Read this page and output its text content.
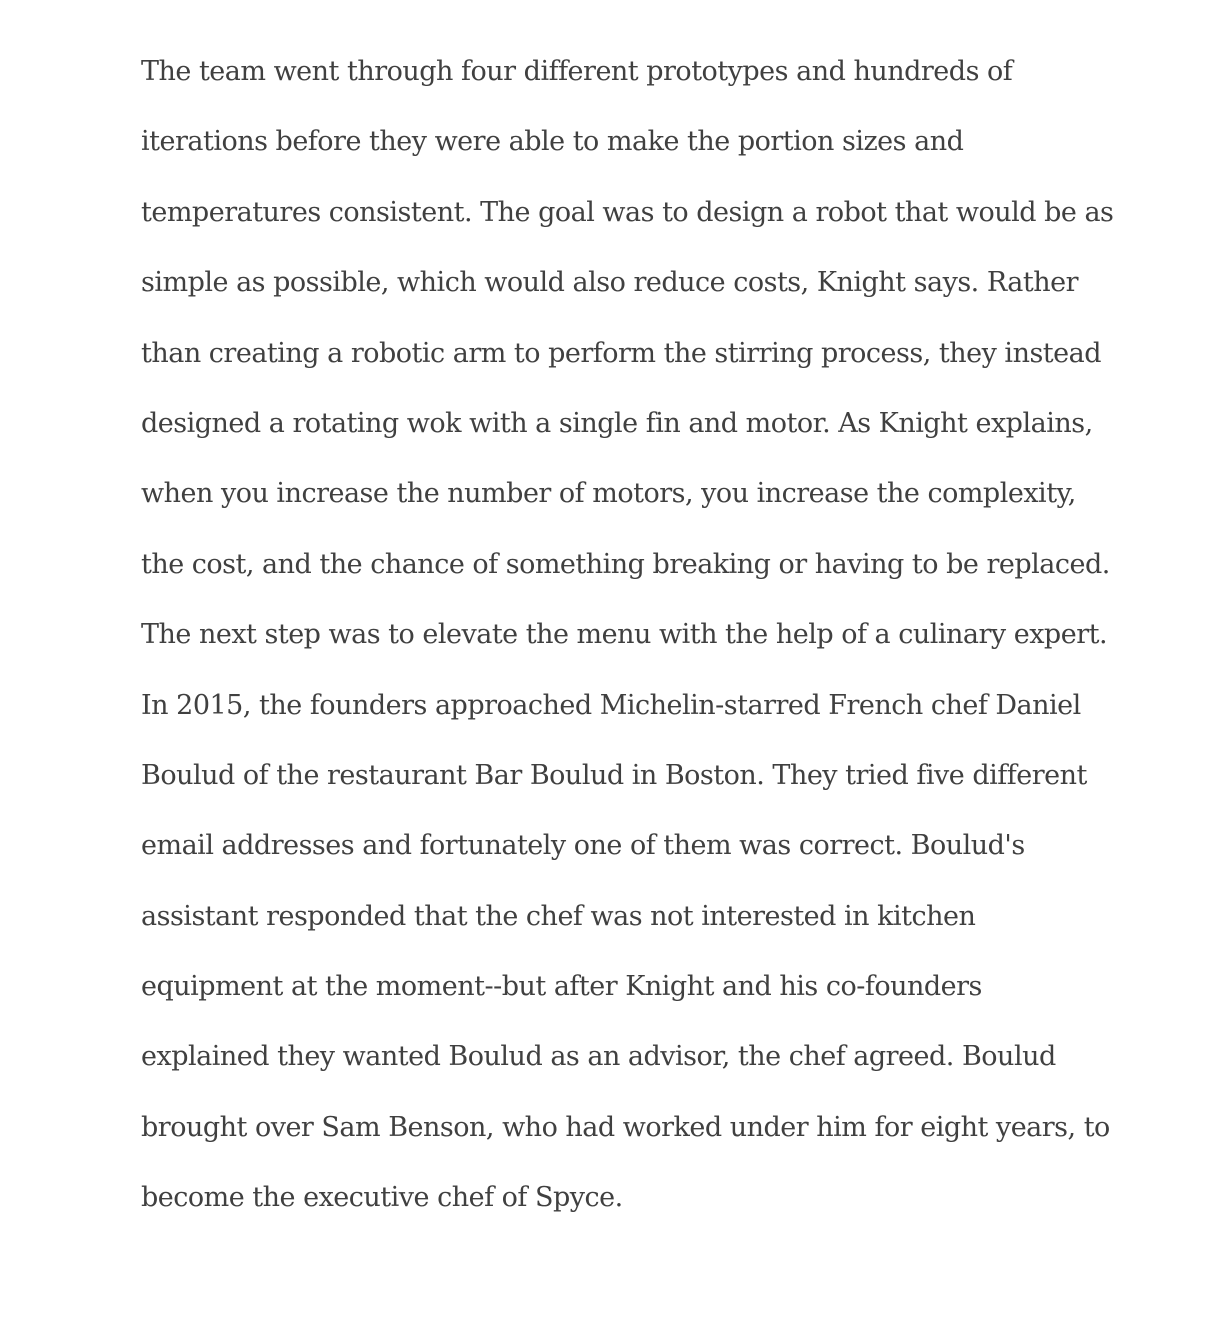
The team went through four different prototypes and hundreds of
iterations before they were able to make the portion sizes and
temperatures consistent. The goal was to design a robot that would be as
simple as possible, which would also reduce costs, Knight says. Rather
than creating a robotic arm to perform the stirring process, they instead
designed a rotating wok with a single fin and motor. As Knight explains,
when you increase the number of motors, you increase the complexity,
the cost, and the chance of something breaking or having to be replaced.
The next step was to elevate the menu with the help of a culinary expert.
In 2015, the founders approached Michelin-starred French chef Daniel
Boulud of the restaurant Bar Boulud in Boston. They tried five different
email addresses and fortunately one of them was correct. Boulud's
assistant responded that the chef was not interested in kitchen
equipment at the moment--but after Knight and his co-founders
explained they wanted Boulud as an advisor, the chef agreed. Boulud
brought over Sam Benson, who had worked under him for eight years, to
become the executive chef of Spyce.
